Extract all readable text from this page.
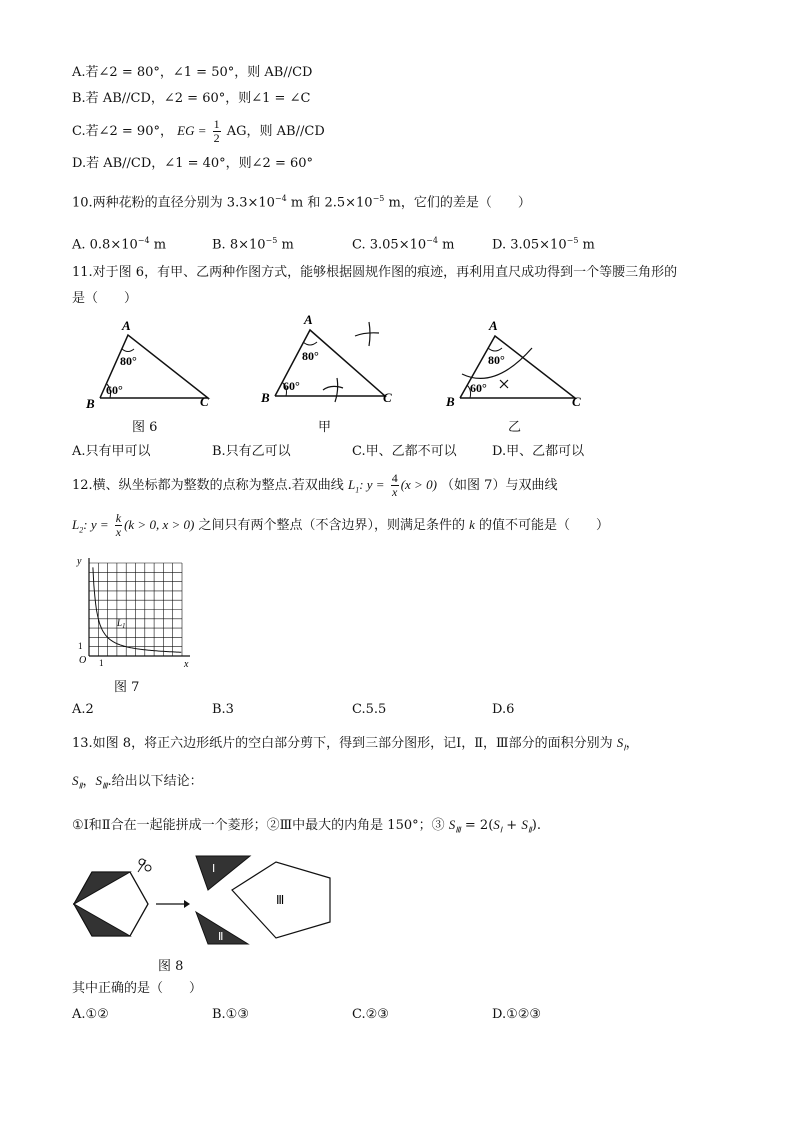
A.若∠2 = 80°，∠1 = 50°，则 AB//CD
B.若 AB//CD，∠2 = 60°，则∠1 = ∠C
C.若∠2 = 90°， EG = $\frac{1}{2}$ AG，则 AB//CD
D.若 AB//CD，∠1 = 40°，则∠2 = 60°
10.两种花粉的直径分别为 $3.3\times 10^{-4}$ m 和 $2.5\times 10^{-5}$ m，它们的差是（　　）
A. $0.8\times 10^{-4}$ m	B. $8\times 10^{-5}$ m	C. $3.05\times 10^{-4}$ m	D. $3.05\times 10^{-5}$ m
11.对于图 6，有甲、乙两种作图方式，能够根据圆规作图的痕迹，再利用直尺成功得到一个等腰三角形的
是（　　）
A
B	C
80°
60°
图 6
A
B	C
80°
60°
甲
A
B	C
80°
60°
乙
A.只有甲可以	B.只有乙可以	C.甲、乙都不可以	D.甲、乙都可以
12.横、纵坐标都为整数的点称为整点.若双曲线 $L_1$: $y = \frac{4}{x} (x > 0)$ （如图 7）与双曲线
$L_2$: $y = \frac{k}{x} (k > 0$, x > 0) 之间只有两个整点（不含边界），则满足条件的 k 的值不可能是（　　）
y
x
O 1
1
$L_1$
图 7
A.2	B.3	C.5.5	D.6
13.如图 8，将正六边形纸片的空白部分剪下，得到三部分图形，记Ⅰ，Ⅱ，Ⅲ部分的面积分别为 $S_Ⅰ$，
$S_Ⅱ$，$S_Ⅲ$.给出以下结论：
①Ⅰ和Ⅱ合在一起能拼成一个菱形；②Ⅲ中最大的内角是 150°；③ $S_Ⅲ = 2(S_Ⅰ + S_Ⅱ)$.
Ⅰ
Ⅱ
Ⅲ
图 8
其中正确的是（　　）
A.①②	B.①③	C.②③	D.①②③
